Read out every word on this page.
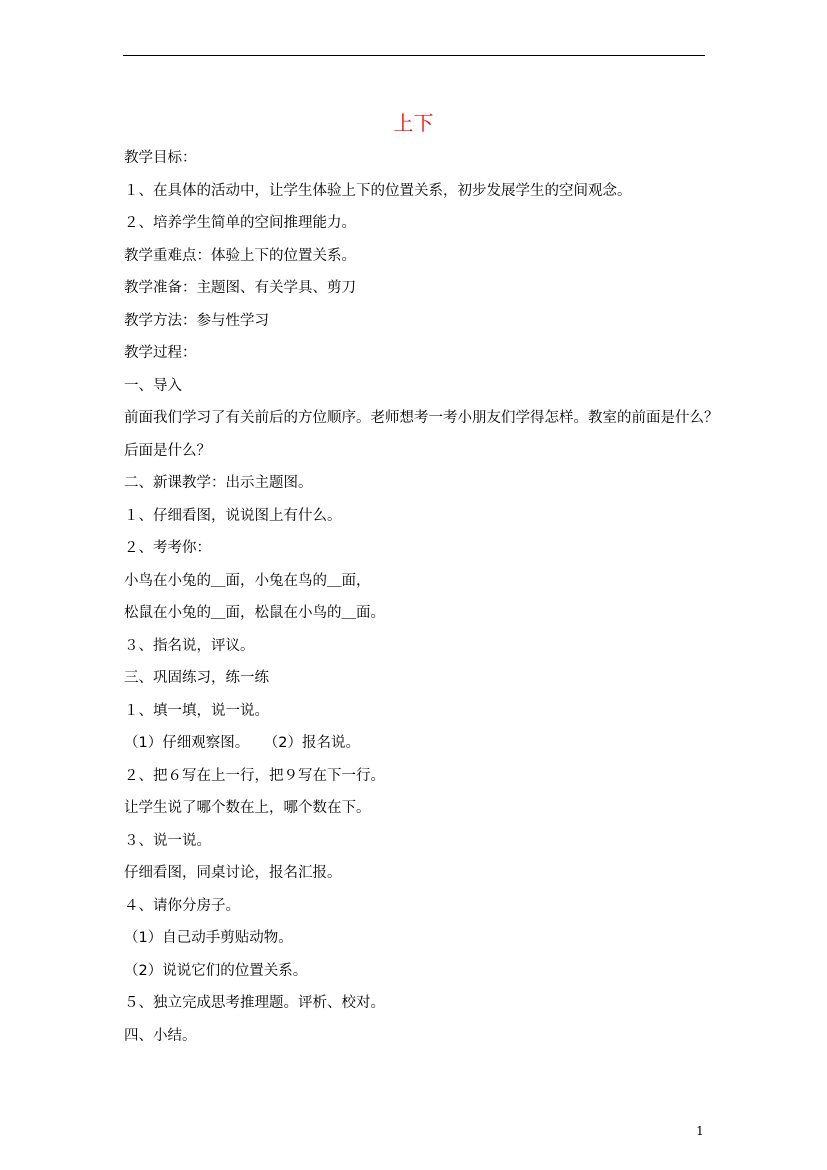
上下
教学目标：
１、在具体的活动中，让学生体验上下的位置关系，初步发展学生的空间观念。
２、培养学生简单的空间推理能力。
教学重难点：体验上下的位置关系。
教学准备：主题图、有关学具、剪刀
教学方法：参与性学习
教学过程：
一、导入
前面我们学习了有关前后的方位顺序。老师想考一考小朋友们学得怎样。教室的前面是什么？
后面是什么？
二、新课教学：出示主题图。
１、仔细看图，说说图上有什么。
２、考考你：
小鸟在小兔的＿面，小兔在鸟的＿面，
松鼠在小兔的＿面，松鼠在小鸟的＿面。
３、指名说，评议。
三、巩固练习，练一练
１、填一填，说一说。
（1）仔细观察图。　　（2）报名说。
２、把６写在上一行，把９写在下一行。
让学生说了哪个数在上，哪个数在下。
３、说一说。
仔细看图，同桌讨论，报名汇报。
４、请你分房子。
（1）自己动手剪贴动物。
（2）说说它们的位置关系。
５、独立完成思考推理题。评析、校对。
四、小结。
1
